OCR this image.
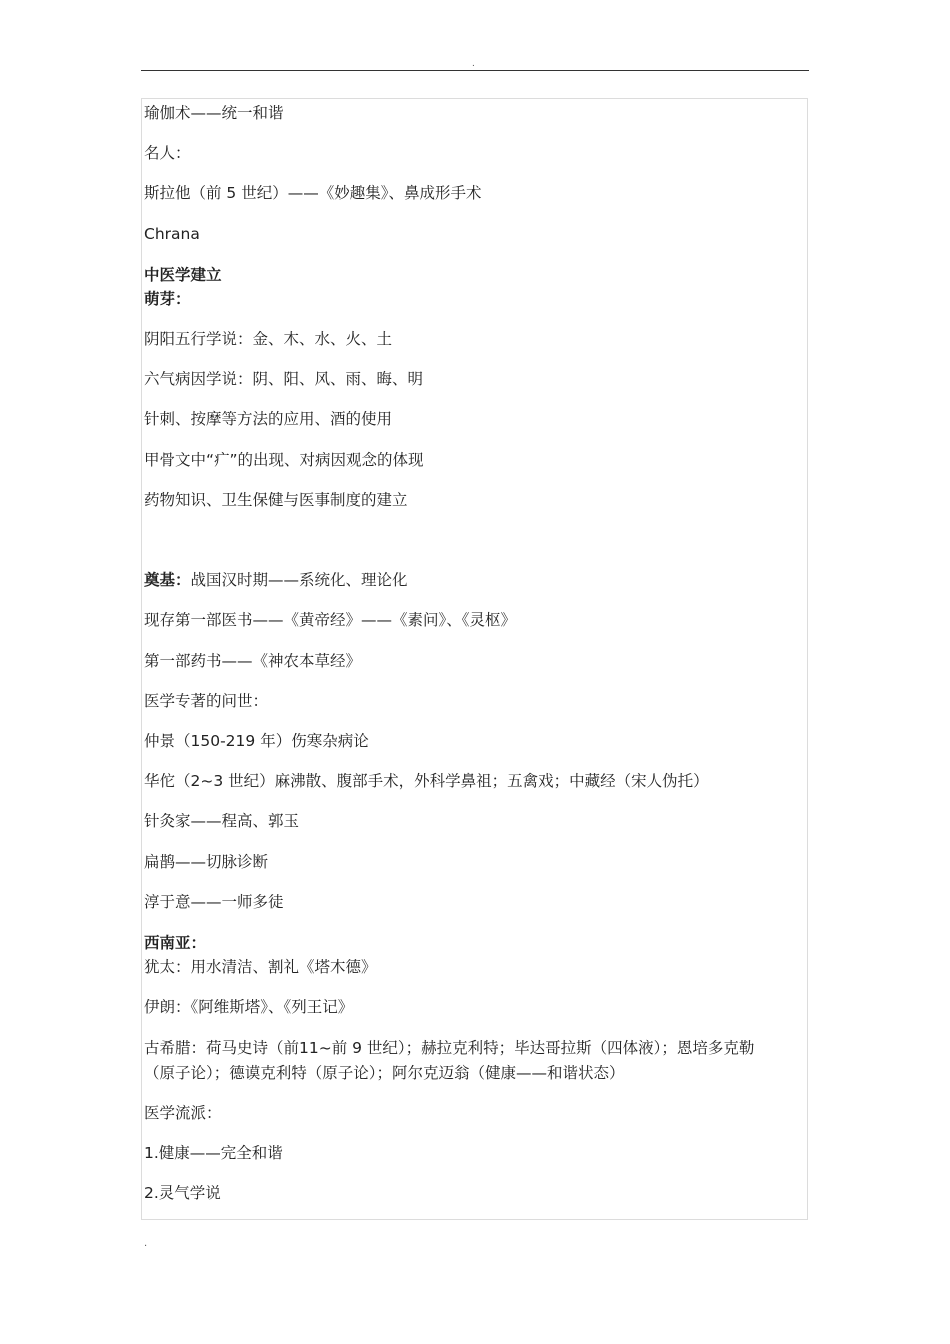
.
瑜伽术——统一和谐
名人：
斯拉他（前 5 世纪）——《妙趣集》、鼻成形手术
Chrana
中医学建立
萌芽：
阴阳五行学说：金、木、水、火、土
六气病因学说：阴、阳、风、雨、晦、明
针刺、按摩等方法的应用、酒的使用
甲骨文中“疒”的出现、对病因观念的体现
药物知识、卫生保健与医事制度的建立
奠基：战国汉时期——系统化、理论化
现存第一部医书——《黄帝经》——《素问》、《灵枢》
第一部药书——《神农本草经》
医学专著的问世：
仲景（150-219 年）伤寒杂病论
华佗（2~3 世纪）麻沸散、腹部手术，外科学鼻祖；五禽戏；中藏经（宋人伪托）
针灸家——程高、郭玉
扁鹊——切脉诊断
淳于意——一师多徒
西南亚：
犹太：用水清洁、割礼《塔木德》
伊朗：《阿维斯塔》、《列王记》
古希腊：荷马史诗（前11~前 9 世纪）；赫拉克利特；毕达哥拉斯（四体液）；恩培多克勒
（原子论）；德谟克利特（原子论）；阿尔克迈翁（健康——和谐状态）
医学流派：
1.健康——完全和谐
2.灵气学说
.
